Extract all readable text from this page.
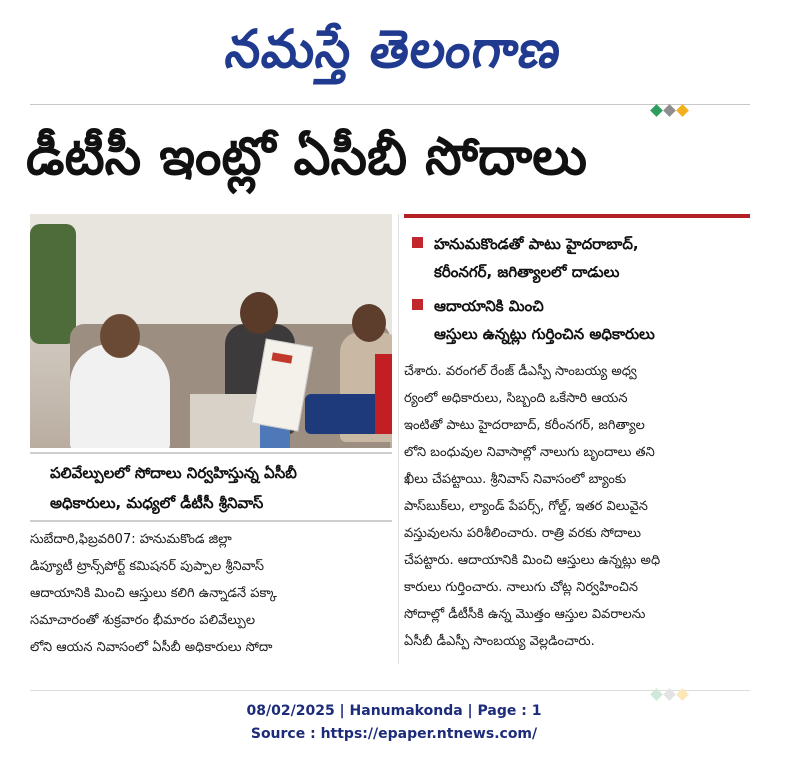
నమస్తే తెలంగాణ
డీటీసీ ఇంట్లో ఏసీబీ సోదాలు
పలివేల్పులలో సోదాలు నిర్వహిస్తున్న ఏసీబీ
అధికారులు, మధ్యలో డీటీసీ శ్రీనివాస్
హనుమకొండతో పాటు హైదరాబాద్,
కరీంనగర్, జగిత్యాలలో దాడులు
ఆదాయానికి మించి
ఆస్తులు ఉన్నట్లు గుర్తించిన అధికారులు
చేశారు. వరంగల్ రేంజ్ డీఎస్పీ సాంబయ్య అధ్వ
ర్యంలో అధికారులు, సిబ్బంది ఒకేసారి ఆయన
ఇంటితో పాటు హైదరాబాద్, కరీంనగర్, జగిత్యాల
లోని బంధువుల నివాసాల్లో నాలుగు బృందాలు తని
ఖీలు చేపట్టాయి. శ్రీనివాస్ నివాసంలో బ్యాంకు
పాస్‌బుక్‌లు, ల్యాండ్ పేపర్స్, గోల్డ్, ఇతర విలువైన
వస్తువులను పరిశీలించారు. రాత్రి వరకు సోదాలు
చేపట్టారు. ఆదాయానికి మించి ఆస్తులు ఉన్నట్లు అధి
కారులు గుర్తించారు. నాలుగు చోట్ల నిర్వహించిన
సోదాల్లో డీటీసీకి ఉన్న మొత్తం ఆస్తుల వివరాలను
ఏసీబీ డీఎస్పీ సాంబయ్య వెల్లడించారు.
సుబేదారి,ఫిబ్రవరి07: హనుమకొండ జిల్లా
డిప్యూటీ ట్రాన్స్‌పోర్ట్ కమిషనర్ పుప్పాల శ్రీనివాస్
ఆదాయానికి మించి ఆస్తులు కలిగి ఉన్నాడనే పక్కా
సమాచారంతో శుక్రవారం భీమారం పలివేల్పుల
లోని ఆయన నివాసంలో ఏసీబీ అధికారులు సోదా
08/02/2025 | Hanumakonda | Page : 1
Source : https://epaper.ntnews.com/
